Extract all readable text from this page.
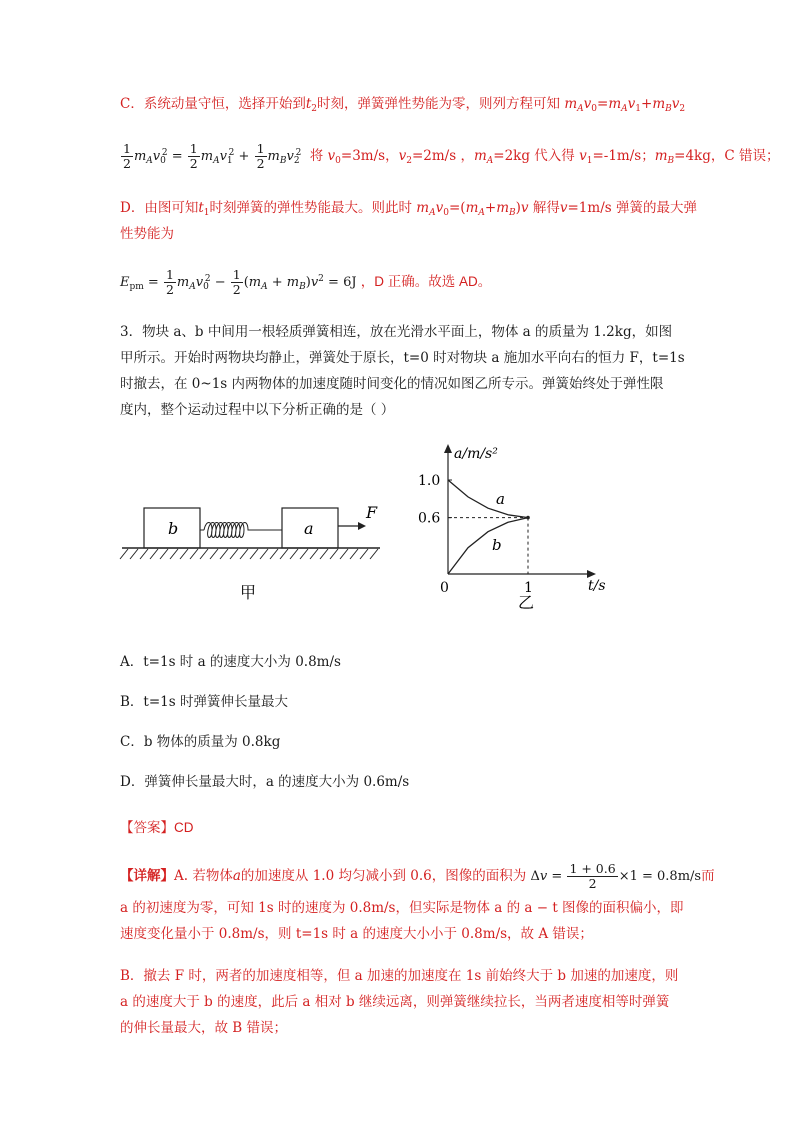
C．系统动量守恒，选择开始到$t_2$时刻，弹簧弹性势能为零，则列方程可知 $m_Av_0=m_Av_1+m_Bv_2$
$\frac{1}{2} m_Av_0^2 = \frac{1}{2} m_Av_1^2 + \frac{1}{2} m_Bv_2^2$  将 $v_0=3m/s$，$v_2=2m/s$ ，$m_A=2kg$ 代入得 $v_1=-1m/s$；$m_B=4kg$，C 错误；
D．由图可知$t_1$时刻弹簧的弹性势能最大。则此时 $m_Av_0=(m_A+m_B)v$ 解得v=1m/s 弹簧的最大弹
性势能为
$E_{pm} = \frac{1}{2} m_Av_0^2 - \frac{1}{2} (m_A + m_B)v^2 = 6J$ ，D 正确。故选 AD。
3．物块 a、b 中间用一根轻质弹簧相连，放在光滑水平面上，物体 a 的质量为 1.2kg，如图
甲所示。开始时两物块均静止，弹簧处于原长，t=0 时对物块 a 施加水平向右的恒力 F，t=1s
时撤去，在 0~1s 内两物体的加速度随时间变化的情况如图乙所专示。弹簧始终处于弹性限
度内，整个运动过程中以下分析正确的是（ ）
b	a
F
甲
a/m/s²
t/s
0
1.0
0.6
1
a
b
乙
A．t=1s 时 a 的速度大小为 0.8m/s
B．t=1s 时弹簧伸长量最大
C．b 物体的质量为 0.8kg
D．弹簧伸长量最大时，a 的速度大小为 0.6m/s
【答案】CD
【详解】A. 若物体a的加速度从 1.0 均匀减小到 0.6，图像的面积为 $\Delta v = \frac{1 + 0.6}{2} \times 1 = 0.8m/s$而
a 的初速度为零，可知 1s 时的速度为 0.8m/s，但实际是物体 a 的 a − t 图像的面积偏小，即
速度变化量小于 0.8m/s，则 t=1s 时 a 的速度大小小于 0.8m/s，故 A 错误；
B．撤去 F 时，两者的加速度相等，但 a 加速的加速度在 1s 前始终大于 b 加速的加速度，则
a 的速度大于 b 的速度，此后 a 相对 b 继续远离，则弹簧继续拉长，当两者速度相等时弹簧
的伸长量最大，故 B 错误；
